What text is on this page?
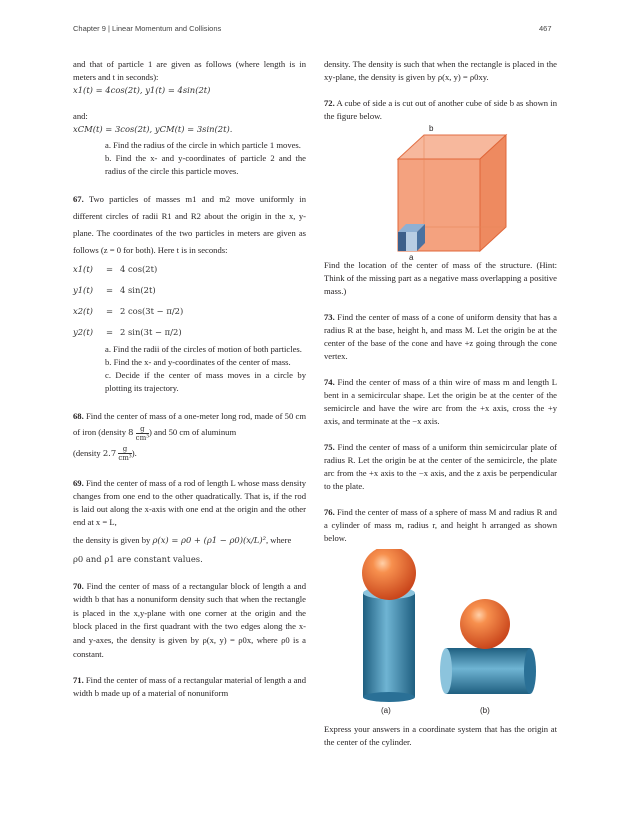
Chapter 9 | Linear Momentum and Collisions	467

and that of particle 1 are given as follows (where length is in meters and t in seconds):

x1(t) = 4cos(2t), y1(t) = 4sin(2t)

and:

xCM(t) = 3cos(2t), yCM(t) = 3sin(2t).

a. Find the radius of the circle in which particle 1 moves.

b. Find the x- and y-coordinates of particle 2 and the radius of the circle this particle moves.

67. Two particles of masses m1 and m2 move uniformly in different circles of radii R1 and R2 about the origin in the x, y-plane. The coordinates of the two particles in meters are given as follows (z = 0 for both). Here t is in seconds:

x1(t)	= 4 cos(2t)
y1(t)	= 4 sin(2t)
x2(t)	= 2 cos(3t − π/2)
y2(t)	= 2 sin(3t − π/2)

a. Find the radii of the circles of motion of both particles.

b. Find the x- and y-coordinates of the center of mass.

c. Decide if the center of mass moves in a circle by plotting its trajectory.

68. Find the center of mass of a one-meter long rod, made of 50 cm of iron (density $8 \frac{g}{\text{cm³}}$ ) and 50 cm of aluminum

(density $2.7 \frac{g}{\text{cm³}}$ ).

69. Find the center of mass of a rod of length L whose mass density changes from one end to the other quadratically. That is, if the rod is laid out along the x-axis with one end at the origin and the other end at x = L,

the density is given by ρ(x) = ρ0 + (ρ1 − ρ0)(x/L)², where

ρ0 and ρ1 are constant values.

70. Find the center of mass of a rectangular block of length a and width b that has a nonuniform density such that when the rectangle is placed in the x,y-plane with one corner at the origin and the block placed in the first quadrant with the two edges along the x- and y-axes, the density is given by ρ(x, y) = ρ0x, where ρ0 is a constant.

71. Find the center of mass of a rectangular material of length a and width b made up of a material of nonuniform

density. The density is such that when the rectangle is placed in the xy-plane, the density is given by ρ(x, y) = ρ0xy.

72. A cube of side a is cut out of another cube of side b as shown in the figure below.

b
a

Find the location of the center of mass of the structure. (Hint: Think of the missing part as a negative mass overlapping a positive mass.)

73. Find the center of mass of a cone of uniform density that has a radius R at the base, height h, and mass M. Let the origin be at the center of the base of the cone and have +z going through the cone vertex.

74. Find the center of mass of a thin wire of mass m and length L bent in a semicircular shape. Let the origin be at the center of the semicircle and have the wire arc from the +x axis, cross the +y axis, and terminate at the −x axis.

75. Find the center of mass of a uniform thin semicircular plate of radius R. Let the origin be at the center of the semicircle, the plate arc from the +x axis to the −x axis, and the z axis be perpendicular to the plate.

76. Find the center of mass of a sphere of mass M and radius R and a cylinder of mass m, radius r, and height h arranged as shown below.

(a)	(b)

Express your answers in a coordinate system that has the origin at the center of the cylinder.
